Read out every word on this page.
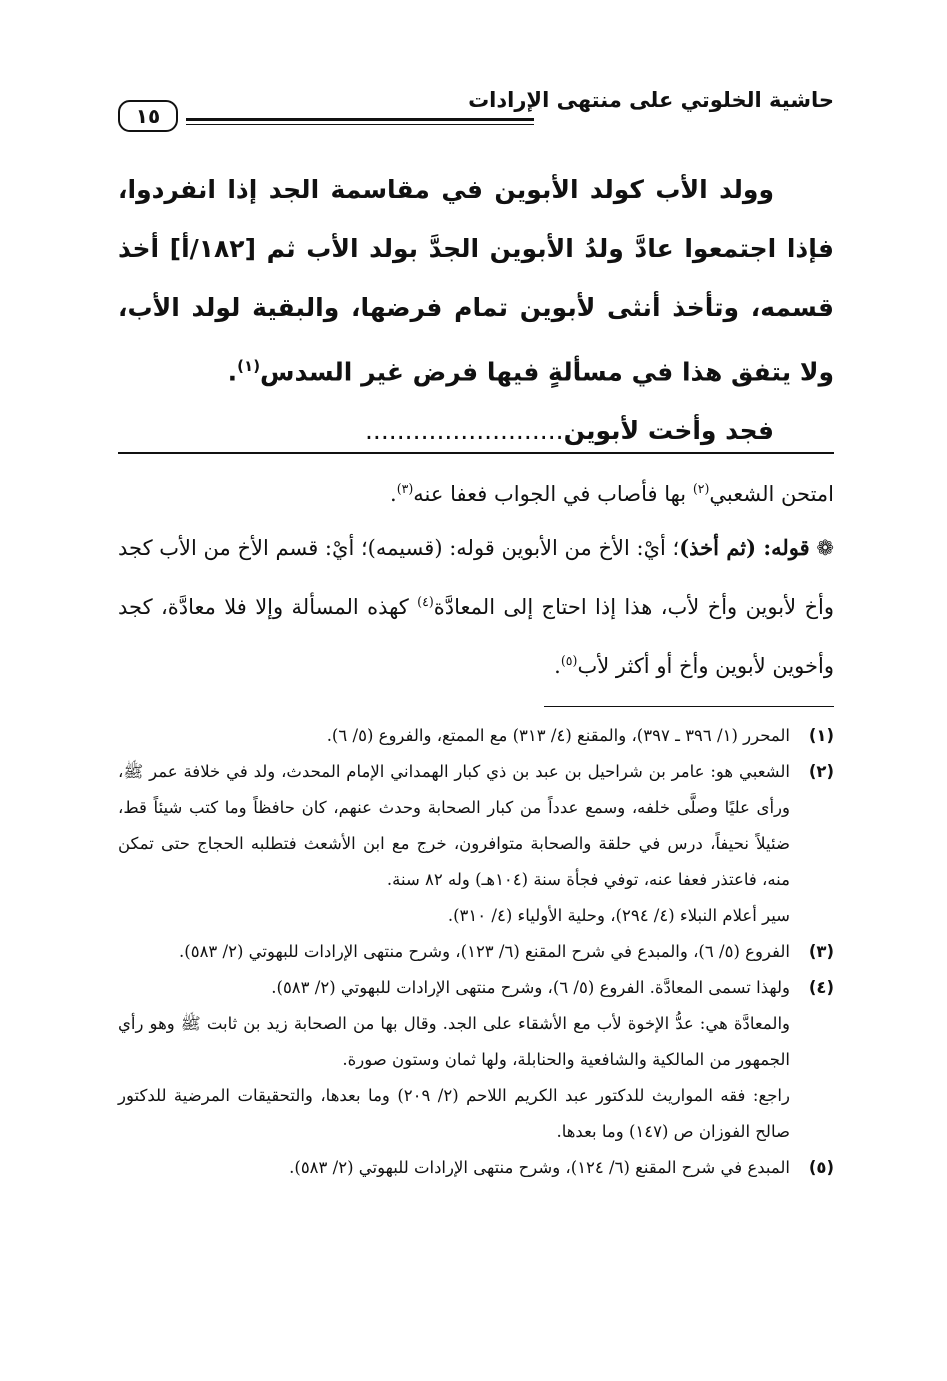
حاشية الخلوتي على منتهى الإرادات
١٥

وولد الأب كولد الأبوين في مقاسمة الجد إذا انفردوا، فإذا اجتمعوا عادَّ ولدُ الأبوين الجدَّ بولد الأب ثم [١٨٢/أ] أخذ قسمه، وتأخذ أنثى لأبوين تمام فرضها، والبقية لولد الأب، ولا يتفق هذا في مسألةٍ فيها فرض غير السدس$^{(١)}$.

فجد وأخت لأبوين.........................

امتحن الشعبي$^{(٢)}$ بها فأصاب في الجواب فعفا عنه$^{(٣)}$.

❁ قوله: (ثم أخذ)؛ أيْ: الأخ من الأبوين قوله: (قسيمه)؛ أيْ: قسم الأخ من الأب كجد وأخ لأبوين وأخ لأب، هذا إذا احتاج إلى المعادَّة$^{(٤)}$ كهذه المسألة وإلا فلا معادَّة، كجد وأخوين لأبوين وأخ أو أكثر لأب$^{(٥)}$.

(١)

المحرر (١/ ٣٩٦ ـ ٣٩٧)، والمقنع (٤/ ٣١٣) مع الممتع، والفروع (٥/ ٦).

(٢)

الشعبي هو: عامر بن شراحيل بن عبد بن ذي كبار الهمداني الإمام المحدث، ولد في خلافة عمر ﷺ، ورأى عليًا وصلَّى خلفه، وسمع عدداً من كبار الصحابة وحدث عنهم، كان حافظاً وما كتب شيئاً قط، ضئيلاً نحيفاً، درس في حلقة والصحابة متوافرون، خرج مع ابن الأشعث فتطلبه الحجاج حتى تمكن منه، فاعتذر فعفا عنه، توفي فجأة سنة (١٠٤هـ) وله ٨٢ سنة.

سير أعلام النبلاء (٤/ ٢٩٤)، وحلية الأولياء (٤/ ٣١٠).

(٣)

الفروع (٥/ ٦)، والمبدع في شرح المقنع (٦/ ١٢٣)، وشرح منتهى الإرادات للبهوتي (٢/ ٥٨٣).

(٤)

ولهذا تسمى المعادَّة. الفروع (٥/ ٦)، وشرح منتهى الإرادات للبهوتي (٢/ ٥٨٣).

والمعادَّة هي: عدُّ الإخوة لأب مع الأشقاء على الجد. وقال بها من الصحابة زيد بن ثابت ﷺ وهو رأي الجمهور من المالكية والشافعية والحنابلة، ولها ثمان وستون صورة.

راجع: فقه المواريث للدكتور عبد الكريم اللاحم (٢/ ٢٠٩) وما بعدها، والتحقيقات المرضية للدكتور صالح الفوزان ص (١٤٧) وما بعدها.

(٥)

المبدع في شرح المقنع (٦/ ١٢٤)، وشرح منتهى الإرادات للبهوتي (٢/ ٥٨٣).
